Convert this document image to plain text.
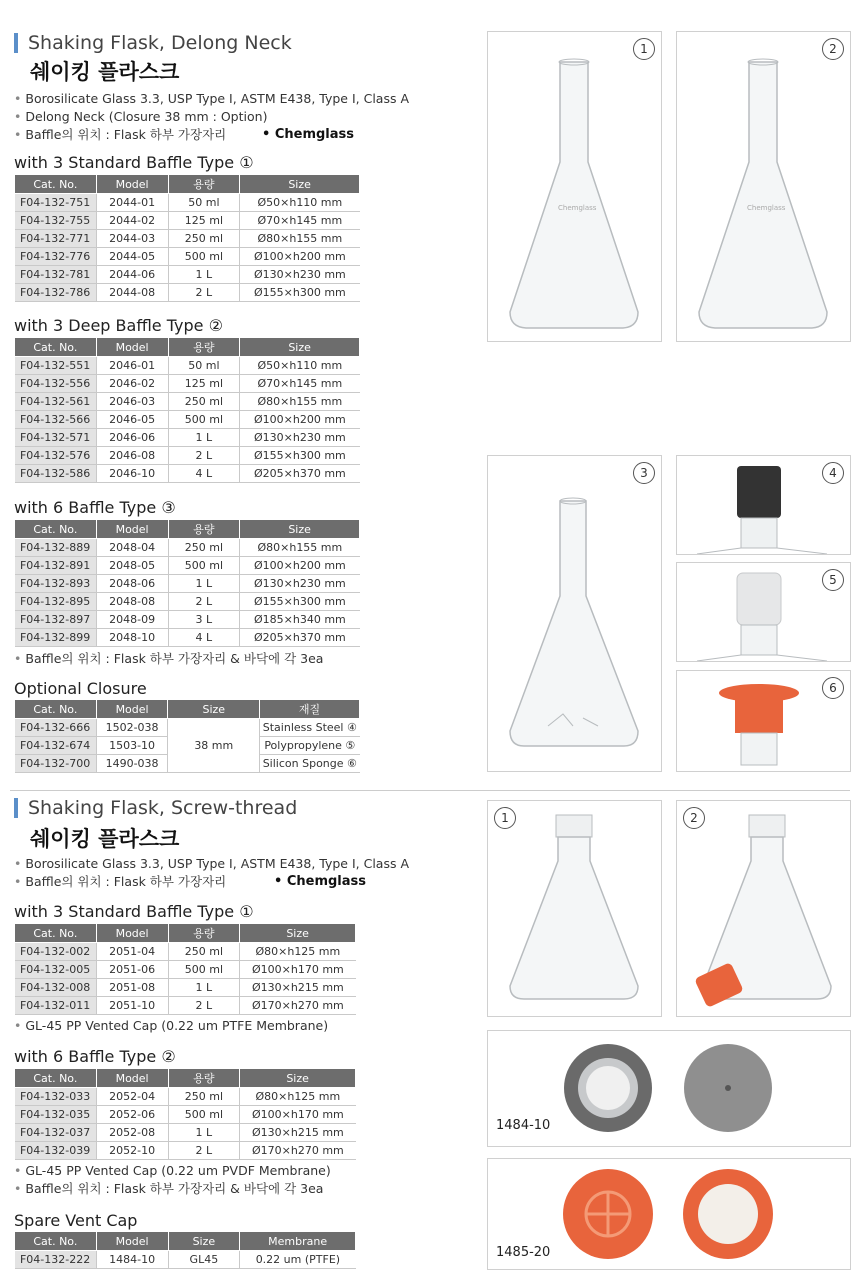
Shaking Flask, Delong Neck
쉐이킹 플라스크
• Borosilicate Glass 3.3, USP Type I, ASTM E438, Type I, Class A
• Delong Neck (Closure 38 mm : Option)
• Baffle의 위치 : Flask 하부 가장자리	• Chemglass
with 3 Standard Baffle Type ①
Cat. No.	Model	용량	Size
F04-132-751	2044-01	50 ml	Ø50×h110 mm
F04-132-755	2044-02	125 ml	Ø70×h145 mm
F04-132-771	2044-03	250 ml	Ø80×h155 mm
F04-132-776	2044-05	500 ml	Ø100×h200 mm
F04-132-781	2044-06	1 L	Ø130×h230 mm
F04-132-786	2044-08	2 L	Ø155×h300 mm
with 3 Deep Baffle Type ②
Cat. No.	Model	용량	Size
F04-132-551	2046-01	50 ml	Ø50×h110 mm
F04-132-556	2046-02	125 ml	Ø70×h145 mm
F04-132-561	2046-03	250 ml	Ø80×h155 mm
F04-132-566	2046-05	500 ml	Ø100×h200 mm
F04-132-571	2046-06	1 L	Ø130×h230 mm
F04-132-576	2046-08	2 L	Ø155×h300 mm
F04-132-586	2046-10	4 L	Ø205×h370 mm
with 6 Baffle Type ③
Cat. No.	Model	용량	Size
F04-132-889	2048-04	250 ml	Ø80×h155 mm
F04-132-891	2048-05	500 ml	Ø100×h200 mm
F04-132-893	2048-06	1 L	Ø130×h230 mm
F04-132-895	2048-08	2 L	Ø155×h300 mm
F04-132-897	2048-09	3 L	Ø185×h340 mm
F04-132-899	2048-10	4 L	Ø205×h370 mm
• Baffle의 위치 : Flask 하부 가장자리 & 바닥에 각 3ea
Optional Closure
Cat. No.	Model	Size	재질
F04-132-666	1502-038	38 mm	Stainless Steel ④
F04-132-674	1503-10		Polypropylene ⑤
F04-132-700	1490-038		Silicon Sponge ⑥
1
Chemglass
2
Chemglass
3	4
5
6
Shaking Flask, Screw-thread
쉐이킹 플라스크
• Borosilicate Glass 3.3, USP Type I, ASTM E438, Type I, Class A
• Baffle의 위치 : Flask 하부 가장자리	• Chemglass
with 3 Standard Baffle Type ①
Cat. No.	Model	용량	Size
F04-132-002	2051-04	250 ml	Ø80×h125 mm
F04-132-005	2051-06	500 ml	Ø100×h170 mm
F04-132-008	2051-08	1 L	Ø130×h215 mm
F04-132-011	2051-10	2 L	Ø170×h270 mm
• GL-45 PP Vented Cap (0.22 um PTFE Membrane)
with 6 Baffle Type ②
Cat. No.	Model	용량	Size
F04-132-033	2052-04	250 ml	Ø80×h125 mm
F04-132-035	2052-06	500 ml	Ø100×h170 mm
F04-132-037	2052-08	1 L	Ø130×h215 mm
F04-132-039	2052-10	2 L	Ø170×h270 mm
• GL-45 PP Vented Cap (0.22 um PVDF Membrane)
• Baffle의 위치 : Flask 하부 가장자리 & 바닥에 각 3ea
Spare Vent Cap
Cat. No.	Model	Size	Membrane
F04-132-222	1484-10	GL45	0.22 um (PTFE)
1	2
1484-10
1485-20
